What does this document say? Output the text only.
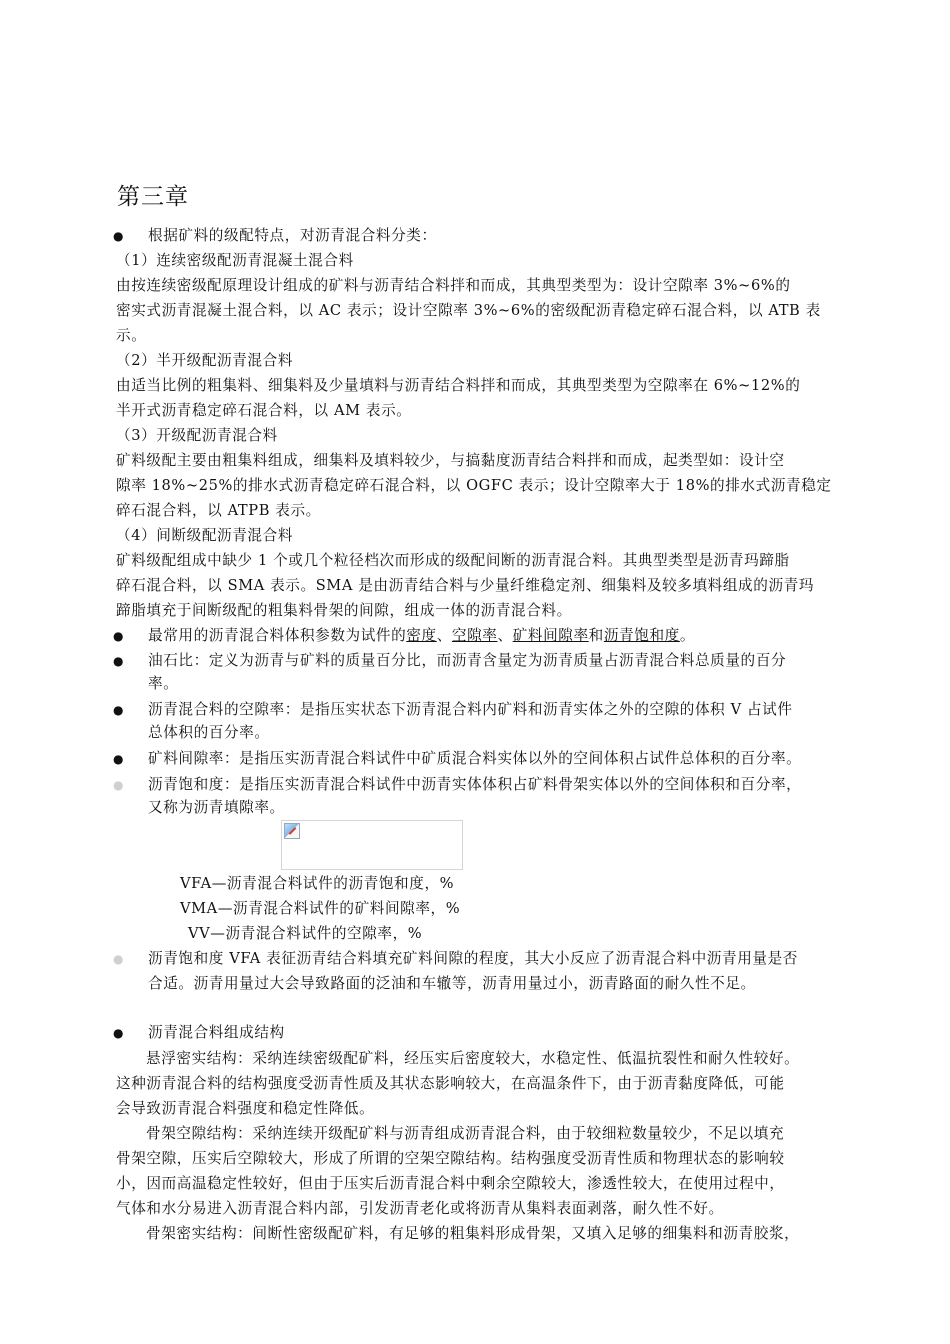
第三章
● 根据矿料的级配特点，对沥青混合料分类：
（1）连续密级配沥青混凝土混合料
由按连续密级配原理设计组成的矿料与沥青结合料拌和而成，其典型类型为：设计空隙率 3%~6%的
密实式沥青混凝土混合料，以 AC 表示；设计空隙率 3%~6%的密级配沥青稳定碎石混合料，以 ATB 表
示。
（2）半开级配沥青混合料
由适当比例的粗集料、细集料及少量填料与沥青结合料拌和而成，其典型类型为空隙率在 6%~12%的
半开式沥青稳定碎石混合料，以 AM 表示。
（3）开级配沥青混合料
矿料级配主要由粗集料组成，细集料及填料较少，与搞黏度沥青结合料拌和而成，起类型如：设计空
隙率 18%~25%的排水式沥青稳定碎石混合料，以 OGFC 表示；设计空隙率大于 18%的排水式沥青稳定
碎石混合料，以 ATPB 表示。
（4）间断级配沥青混合料
矿料级配组成中缺少 1 个或几个粒径档次而形成的级配间断的沥青混合料。其典型类型是沥青玛蹄脂
碎石混合料，以 SMA 表示。SMA 是由沥青结合料与少量纤维稳定剂、细集料及较多填料组成的沥青玛
蹄脂填充于间断级配的粗集料骨架的间隙，组成一体的沥青混合料。
● 最常用的沥青混合料体积参数为试件的密度、空隙率、矿料间隙率和沥青饱和度。
● 油石比：定义为沥青与矿料的质量百分比，而沥青含量定为沥青质量占沥青混合料总质量的百分
率。
● 沥青混合料的空隙率：是指压实状态下沥青混合料内矿料和沥青实体之外的空隙的体积 V 占试件
总体积的百分率。
● 矿料间隙率：是指压实沥青混合料试件中矿质混合料实体以外的空间体积占试件总体积的百分率。
● 沥青饱和度：是指压实沥青混合料试件中沥青实体体积占矿料骨架实体以外的空间体积和百分率，
又称为沥青填隙率。
VFA—沥青混合料试件的沥青饱和度，%
VMA—沥青混合料试件的矿料间隙率，%
VV—沥青混合料试件的空隙率，%
● 沥青饱和度 VFA 表征沥青结合料填充矿料间隙的程度，其大小反应了沥青混合料中沥青用量是否
合适。沥青用量过大会导致路面的泛油和车辙等，沥青用量过小，沥青路面的耐久性不足。
● 沥青混合料组成结构
悬浮密实结构：采纳连续密级配矿料，经压实后密度较大，水稳定性、低温抗裂性和耐久性较好。
这种沥青混合料的结构强度受沥青性质及其状态影响较大，在高温条件下，由于沥青黏度降低，可能
会导致沥青混合料强度和稳定性降低。
骨架空隙结构：采纳连续开级配矿料与沥青组成沥青混合料，由于较细粒数量较少，不足以填充
骨架空隙，压实后空隙较大，形成了所谓的空架空隙结构。结构强度受沥青性质和物理状态的影响较
小，因而高温稳定性较好，但由于压实后沥青混合料中剩余空隙较大，渗透性较大，在使用过程中，
气体和水分易进入沥青混合料内部，引发沥青老化或将沥青从集料表面剥落，耐久性不好。
骨架密实结构：间断性密级配矿料，有足够的粗集料形成骨架，又填入足够的细集料和沥青胶浆，
